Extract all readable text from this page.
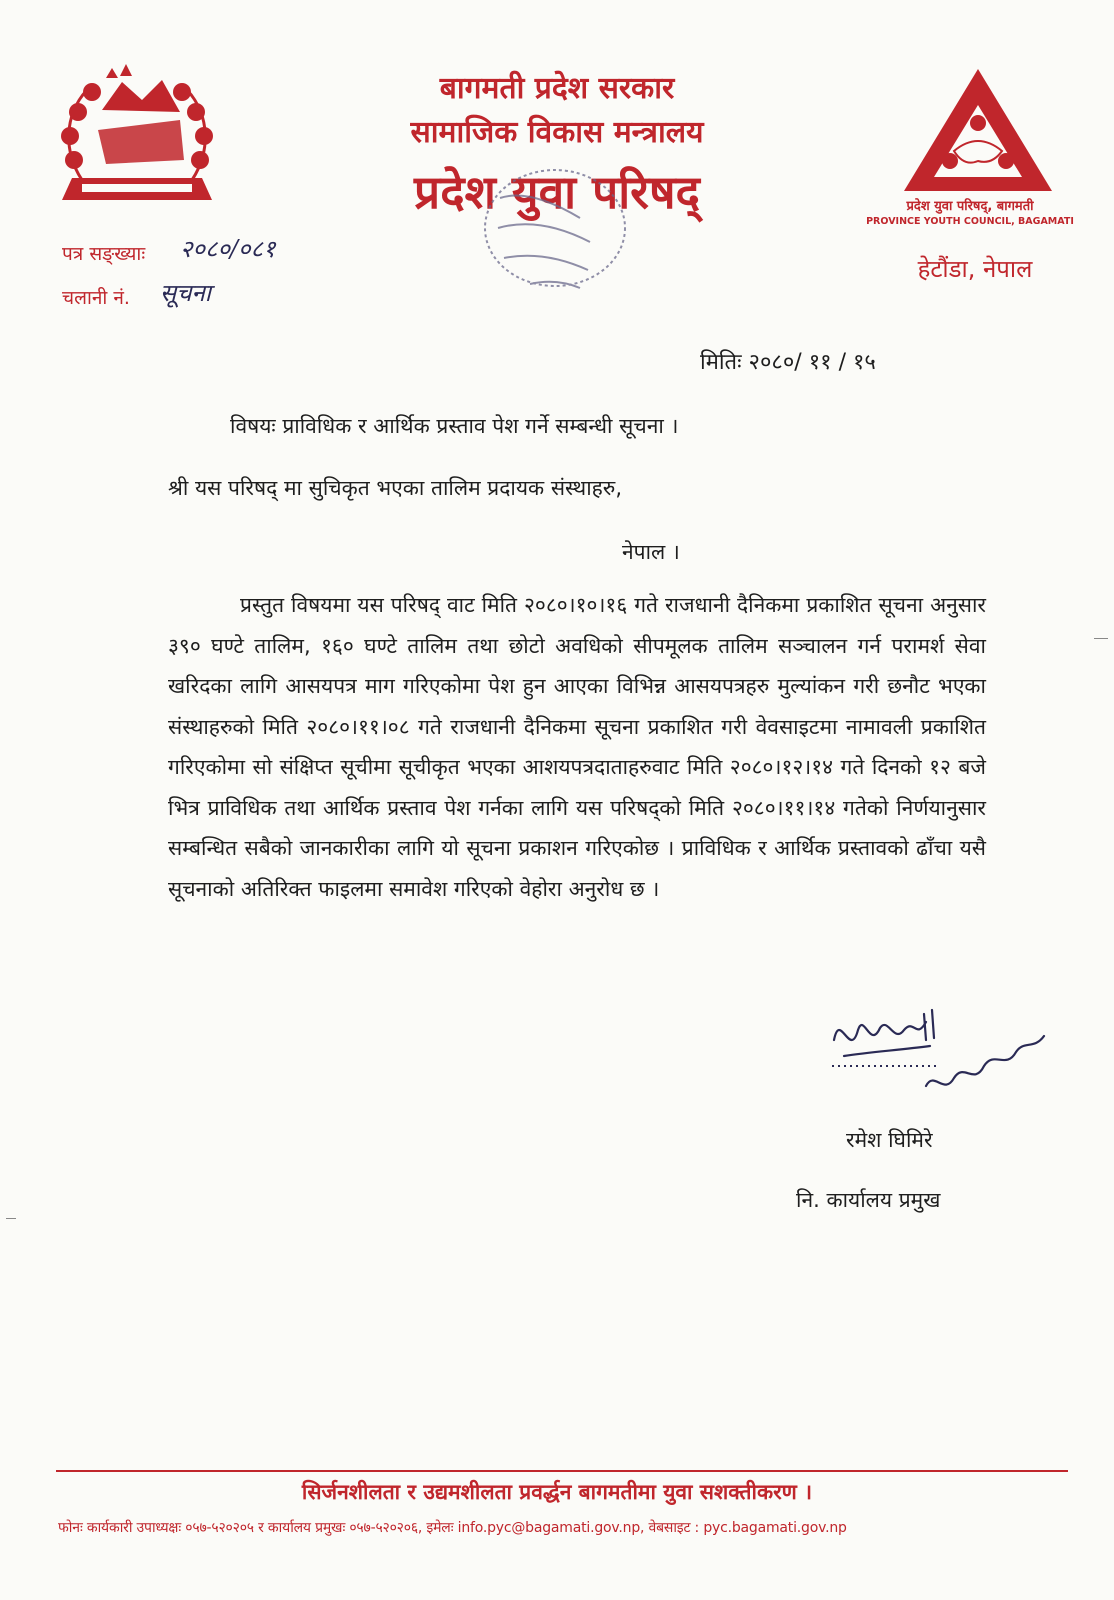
बागमती प्रदेश सरकार
सामाजिक विकास मन्त्रालय
प्रदेश युवा परिषद्	प्रदेश युवा परिषद्, बागमती
PROVINCE YOUTH COUNCIL, BAGAMATI
हेटौंडा, नेपाल
पत्र सङ्ख्याः २०८०/०८१
चलानी नं. सूचना
मितिः २०८०/ ११ / १५
विषयः प्राविधिक र आर्थिक प्रस्ताव पेश गर्ने सम्बन्धी सूचना ।
श्री यस परिषद् मा सुचिकृत भएका तालिम प्रदायक संस्थाहरु,
नेपाल ।

प्रस्तुत विषयमा यस परिषद् वाट मिति २०८०।१०।१६ गते राजधानी दैनिकमा प्रकाशित सूचना अनुसार ३९० घण्टे तालिम, १६० घण्टे तालिम तथा छोटो अवधिको सीपमूलक तालिम सञ्चालन गर्न परामर्श सेवा खरिदका लागि आसयपत्र माग गरिएकोमा पेश हुन आएका विभिन्न आसयपत्रहरु मुल्यांकन गरी छनौट भएका संस्थाहरुको मिति २०८०।११।०८ गते राजधानी दैनिकमा सूचना प्रकाशित गरी वेवसाइटमा नामावली प्रकाशित गरिएकोमा सो संक्षिप्त सूचीमा सूचीकृत भएका आशयपत्रदाताहरुवाट मिति २०८०।१२।१४ गते दिनको १२ बजे भित्र प्राविधिक तथा आर्थिक प्रस्ताव पेश गर्नका लागि यस परिषद्को मिति २०८०।११।१४ गतेको निर्णयानुसार सम्बन्धित सबैको जानकारीका लागि यो सूचना प्रकाशन गरिएकोछ । प्राविधिक र आर्थिक प्रस्तावको ढाँचा यसै सूचनाको अतिरिक्त फाइलमा समावेश गरिएको वेहोरा अनुरोध छ ।

रमेश घिमिरे
नि. कार्यालय प्रमुख
सिर्जनशीलता र उद्यमशीलता प्रवर्द्धन बागमतीमा युवा सशक्तीकरण ।
फोनः कार्यकारी उपाध्यक्षः ०५७-५२०२०५ र कार्यालय प्रमुखः ०५७-५२०२०६, इमेलः info.pyc@bagamati.gov.np, वेबसाइट : pyc.bagamati.gov.np
